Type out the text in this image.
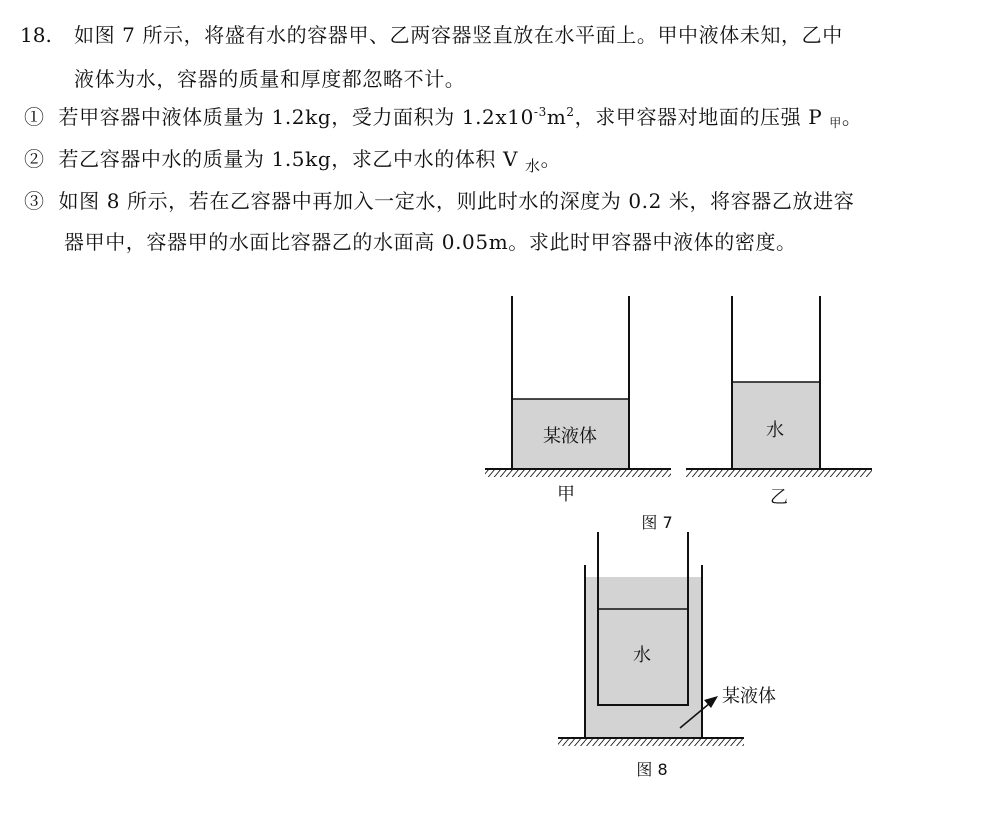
18. 如图 7 所示，将盛有水的容器甲、乙两容器竖直放在水平面上。甲中液体未知，乙中
液体为水，容器的质量和厚度都忽略不计。
① 若甲容器中液体质量为 1.2kg，受力面积为 $1.2x10^{-3}m^2$，求甲容器对地面的压强 P $_甲$。
② 若乙容器中水的质量为 1.5kg，求乙中水的体积 V $_水$。
③ 如图 8 所示，若在乙容器中再加入一定水，则此时水的深度为 0.2 米，将容器乙放进容
器甲中，容器甲的水面比容器乙的水面高 0.05m。求此时甲容器中液体的密度。
某液体
甲
水
乙
图 7
水
某液体
图 8
